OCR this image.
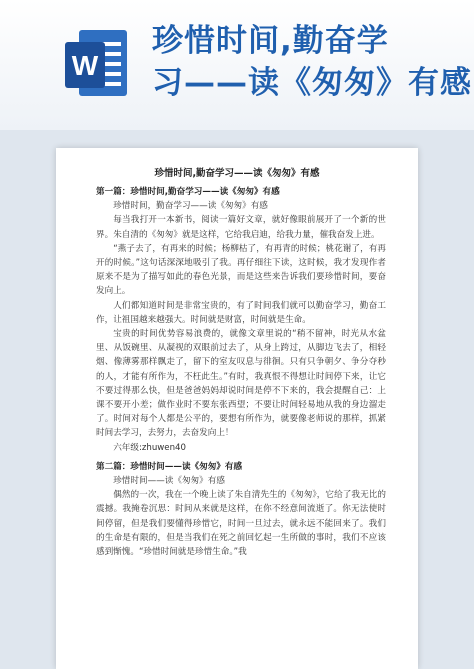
W
珍惜时间,勤奋学
习——读《匆匆》有感
珍惜时间,勤奋学习——读《匆匆》有感

第一篇：珍惜时间,勤奋学习——读《匆匆》有感

珍惜时间，勤奋学习——读《匆匆》有感

每当我打开一本新书，阅读一篇好文章，就好像眼前展开了一个新的世界。朱自清的《匆匆》就是这样，它给我启迪，给我力量，催我奋发上进。

“燕子去了，有再来的时候；杨柳枯了，有再青的时候；桃花谢了，有再开的时候。”这句话深深地吸引了我。再仔细往下读，这时候，我才发现作者原来不是为了描写如此的春色光景，而是这些来告诉我们要珍惜时间，要奋发向上。

人们都知道时间是非常宝贵的，有了时间我们就可以勤奋学习，勤奋工作，让祖国越来越强大。时间就是财富，时间就是生命。

宝贵的时间优势容易浪费的，就像文章里说的“稍不留神，时光从水盆里、从饭碗里、从凝视的双眼前过去了，从身上跨过，从脚边飞去了，相轻烟、像薄雾那样飘走了，留下的室友叹息与徘徊。只有只争朝夕、争分夺秒的人，才能有所作为，不枉此生。”有时，我真恨不得想让时间停下来，让它不要过得那么快，但是爸爸妈妈却说时间是停不下来的，我会提醒自己：上课不要开小差；做作业时不要东张西望；不要让时间轻易地从我的身边溜走了。时间对每个人都是公平的，要想有所作为，就要像老师说的那样，抓紧时间去学习，去努力，去奋发向上！

六年级:zhuwen40

第二篇：珍惜时间——读《匆匆》有感

珍惜时间——读《匆匆》有感

偶然的一次，我在一个晚上读了朱自清先生的《匆匆》，它给了我无比的震撼。我掩卷沉思：时间从来就是这样，在你不经意间流逝了。你无法使时间停留，但是我们要懂得珍惜它，时间一旦过去，就永远不能回来了。我们的生命是有限的，但是当我们在死之前回忆起一生所做的事时，我们不应该感到惭愧。“珍惜时间就是珍惜生命。”我
